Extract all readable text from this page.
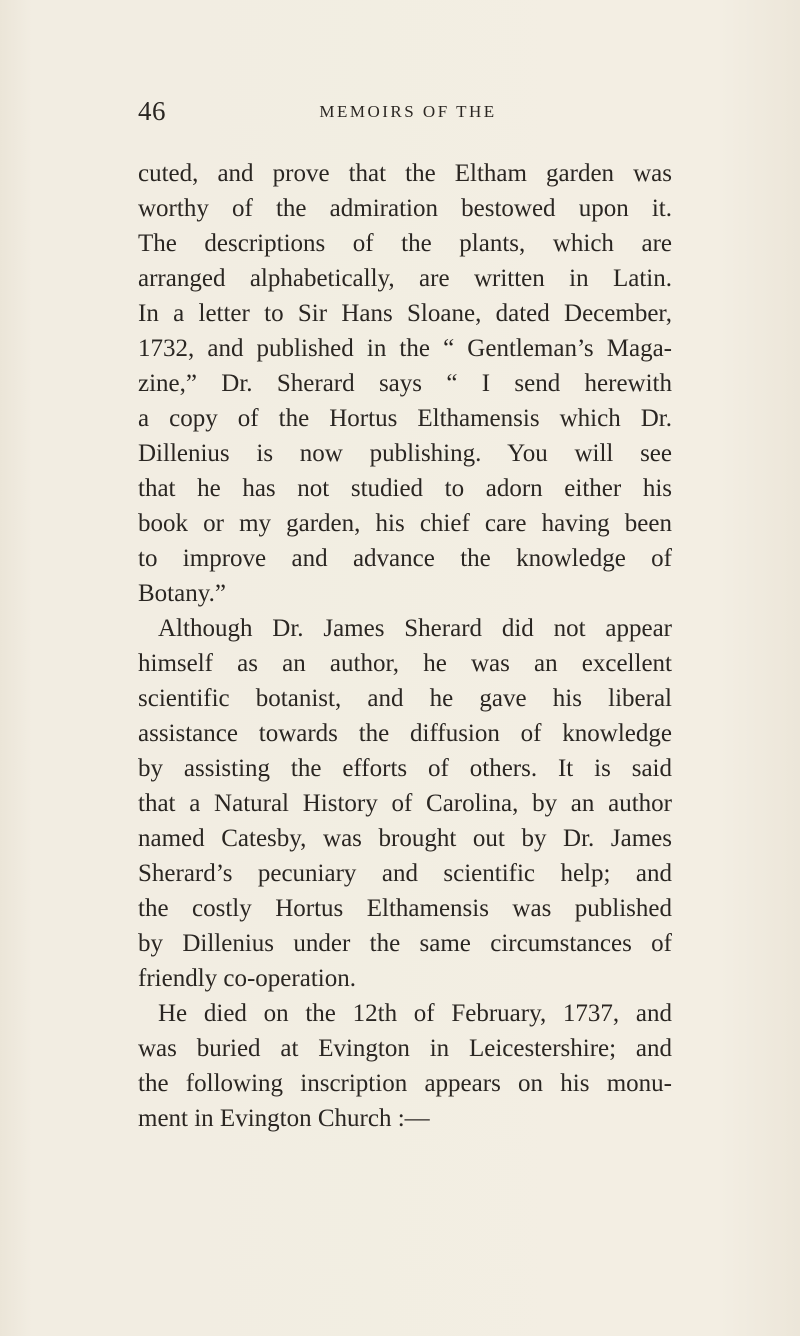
46	MEMOIRS OF THE
cuted, and prove that the Eltham garden was
worthy of the admiration bestowed upon it.
The descriptions of the plants, which are
arranged alphabetically, are written in Latin.
In a letter to Sir Hans Sloane, dated December,
1732, and published in the “ Gentleman’s Maga-
zine,” Dr. Sherard says “ I send herewith
a copy of the Hortus Elthamensis which Dr.
Dillenius is now publishing. You will see
that he has not studied to adorn either his
book or my garden, his chief care having been
to improve and advance the knowledge of
Botany.”
Although Dr. James Sherard did not appear
himself as an author, he was an excellent
scientific botanist, and he gave his liberal
assistance towards the diffusion of knowledge
by assisting the efforts of others. It is said
that a Natural History of Carolina, by an author
named Catesby, was brought out by Dr. James
Sherard’s pecuniary and scientific help; and
the costly Hortus Elthamensis was published
by Dillenius under the same circumstances of
friendly co-operation.
He died on the 12th of February, 1737, and
was buried at Evington in Leicestershire; and
the following inscription appears on his monu-
ment in Evington Church :—
